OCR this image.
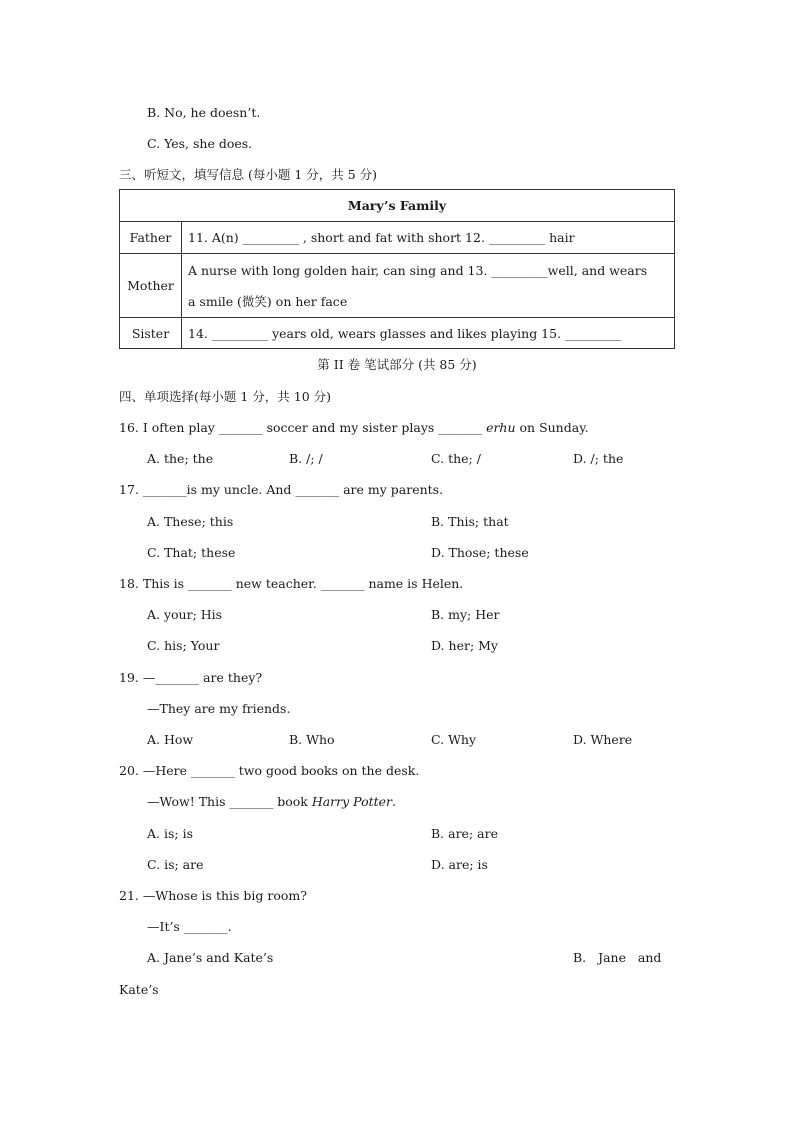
B. No, he doesn’t.
C. Yes, she does.
三、听短文，填写信息 (每小题 1 分，共 5 分)
Mary’s Family	
Father	11. A(n) _________ , short and fat with short 12. _________ hair
Mother	A nurse with long golden hair, can sing and 13. _________well, and wears
a smile (微笑) on her face

Sister	14. _________ years old, wears glasses and likes playing 15. _________
第 II 卷 笔试部分 (共 85 分)
四、单项选择(每小题 1 分，共 10 分)
16. I often play _______ soccer and my sister plays _______ erhu on Sunday.
A. the; the	B. /; /	C. the; /	D. /; the
17. _______is my uncle. And _______ are my parents.
A. These; this	B. This; that
C. That; these	D. Those; these
18. This is _______ new teacher. _______ name is Helen.
A. your; His	B. my; Her
C. his; Your	D. her; My
19. —_______ are they?
—They are my friends.
A. How	B. Who	C. Why	D. Where
20. —Here _______ two good books on the desk.
—Wow! This _______ book Harry Potter.
A. is; is	B. are; are
C. is; are	D. are; is
21. —Whose is this big room?
—It’s _______.
A. Jane’s and Kate’s	B.   Jane   and
Kate’s
